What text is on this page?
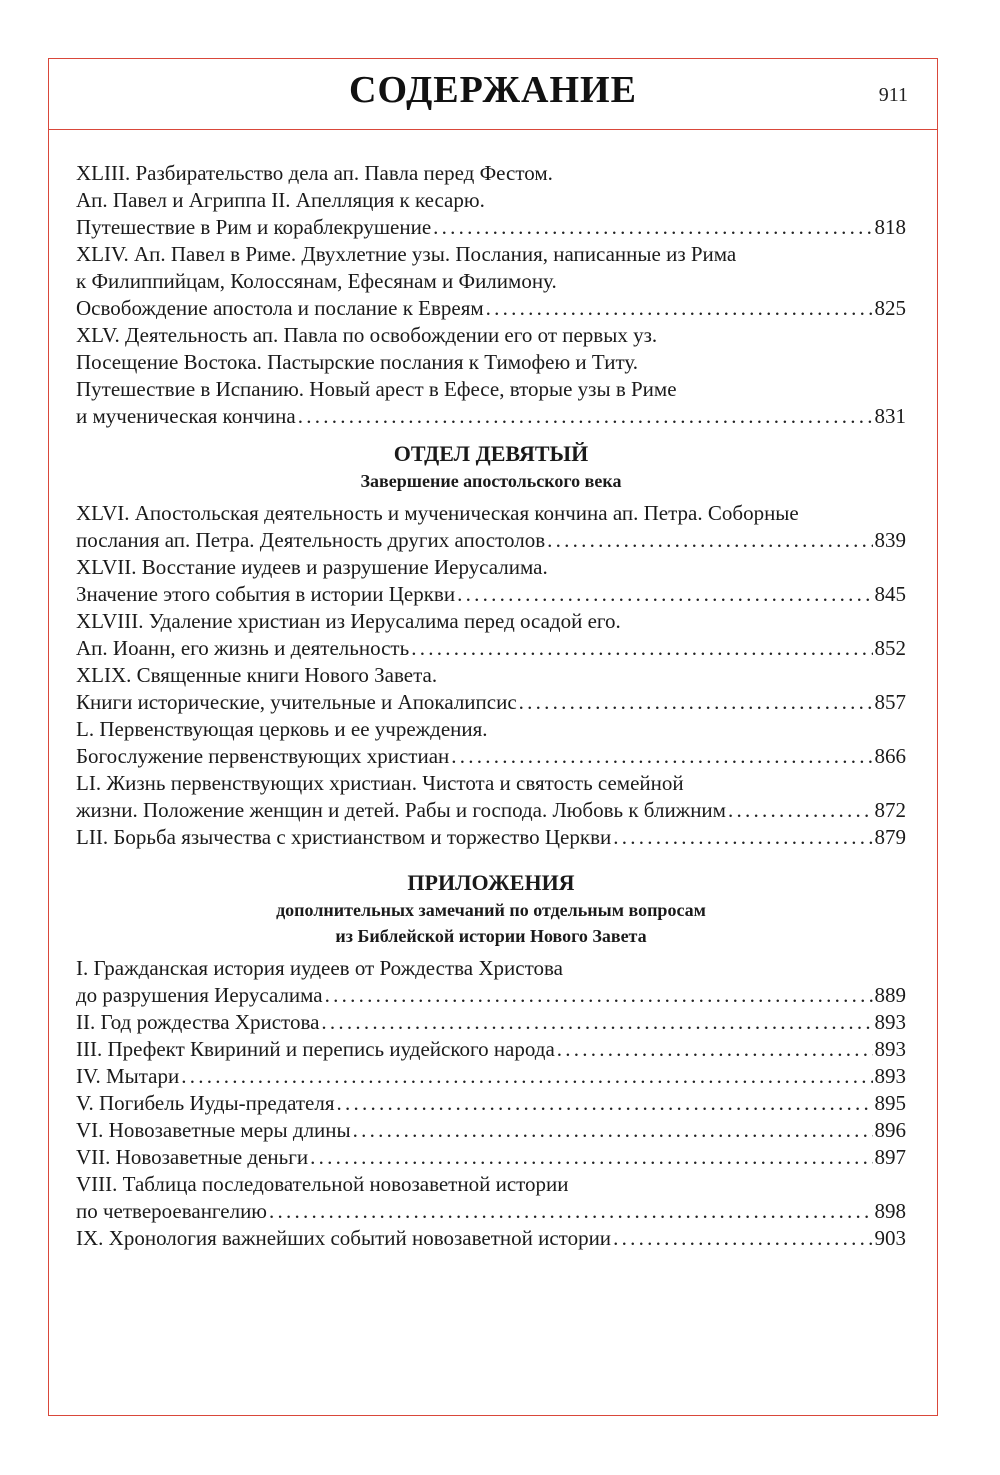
СОДЕРЖАНИЕ	911
XLIII. Разбирательство дела ап. Павла перед Фестом.
Ап. Павел и Агриппа II. Апелляция к кесарю.
Путешествие в Рим и кораблекрушение . . .	818
XLIV. Ап. Павел в Риме. Двухлетние узы. Послания, написанные из Рима
к Филиппийцам, Колоссянам, Ефесянам и Филимону.
Освобождение апостола и послание к Евреям . . .	825
XLV. Деятельность ап. Павла по освобождении его от первых уз.
Посещение Востока. Пастырские послания к Тимофею и Титу.
Путешествие в Испанию. Новый арест в Ефесе, вторые узы в Риме
и мученическая кончина . . .	831
ОТДЕЛ ДЕВЯТЫЙ
Завершение апостольского века
XLVI. Апостольская деятельность и мученическая кончина ап. Петра. Соборные
послания ап. Петра. Деятельность других апостолов . . .	839
XLVII. Восстание иудеев и разрушение Иерусалима.
Значение этого события в истории Церкви . . .	845
XLVIII. Удаление христиан из Иерусалима перед осадой его.
Ап. Иоанн, его жизнь и деятельность . . .	852
XLIX. Священные книги Нового Завета.
Книги исторические, учительные и Апокалипсис . . .	857
L. Первенствующая церковь и ее учреждения.
Богослужение первенствующих христиан . . .	866
LI. Жизнь первенствующих христиан. Чистота и святость семейной
жизни. Положение женщин и детей. Рабы и господа. Любовь к ближним . . .	872
LII. Борьба язычества с христианством и торжество Церкви . . .	879
ПРИЛОЖЕНИЯ
дополнительных замечаний по отдельным вопросам
из Библейской истории Нового Завета
I. Гражданская история иудеев от Рождества Христова
до разрушения Иерусалима . . .	889
II. Год рождества Христова . . .	893
III. Префект Квириний и перепись иудейского народа . . .	893
IV. Мытари . . .	893
V. Погибель Иуды-предателя . . .	895
VI. Новозаветные меры длины . . .	896
VII. Новозаветные деньги . . .	897
VIII. Таблица последовательной новозаветной истории
по четвероевангелию . . .	898
IX. Хронология важнейших событий новозаветной истории . . .	903
